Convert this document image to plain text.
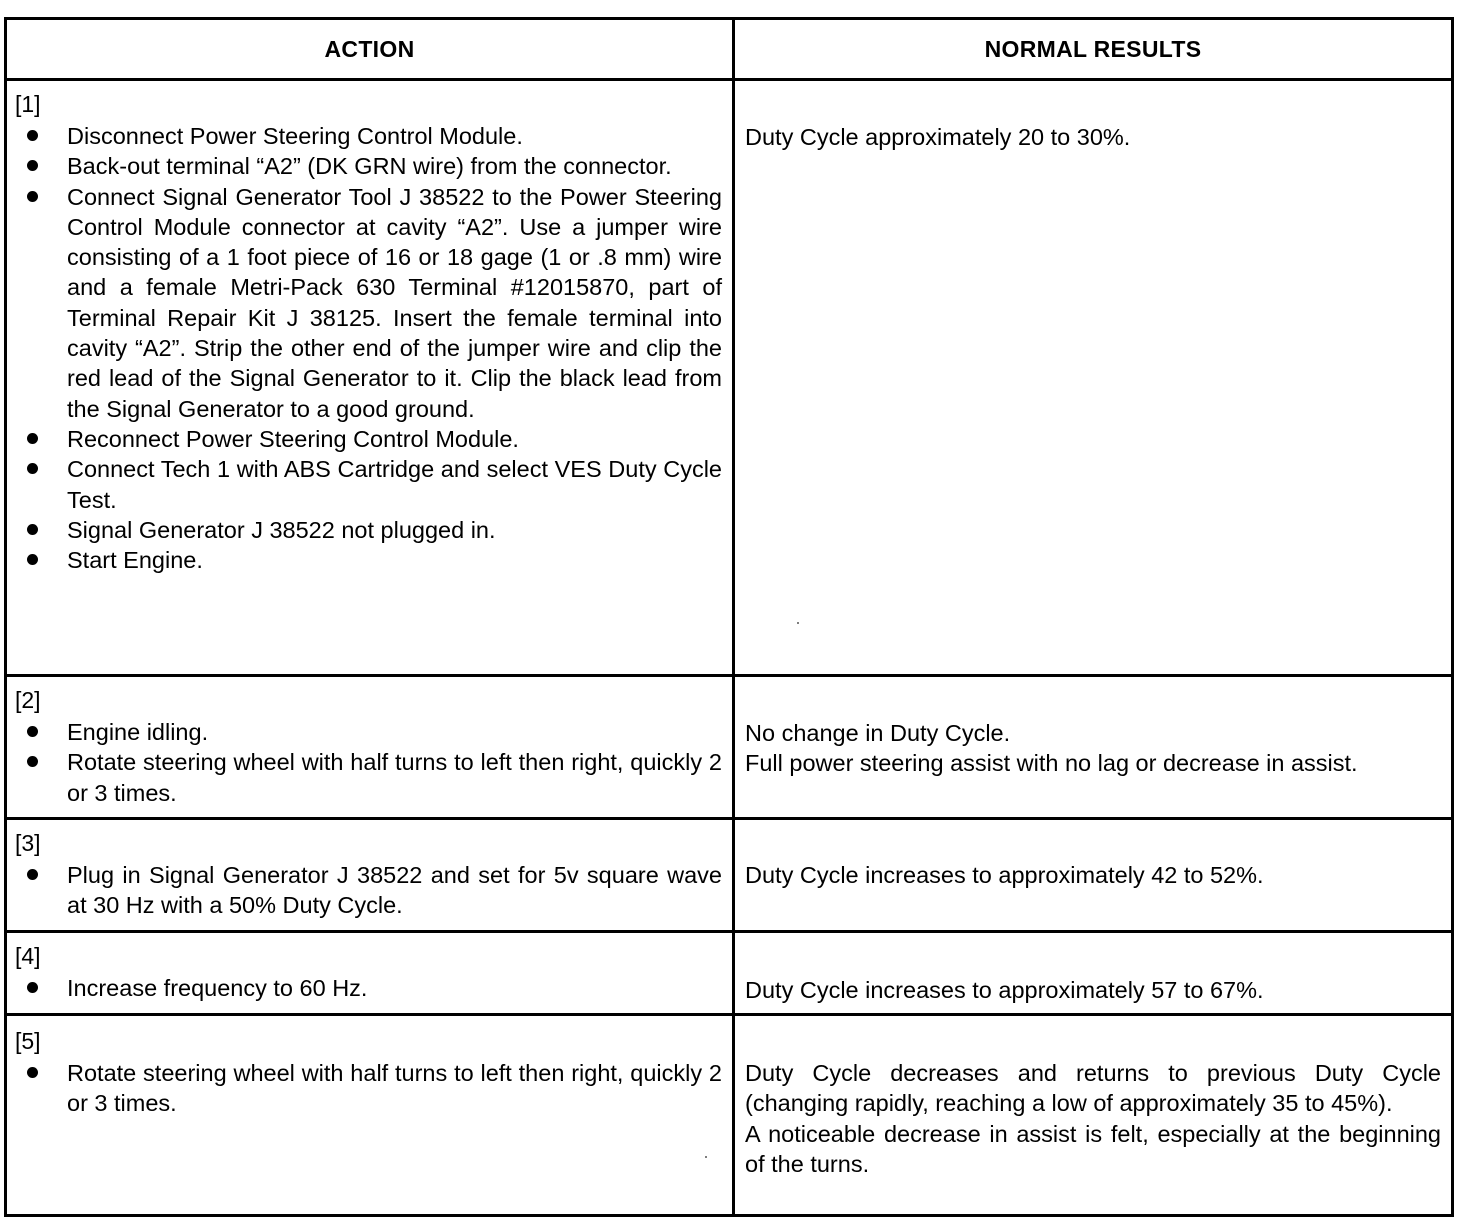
ACTION	NORMAL RESULTS
[1]
Disconnect Power Steering Control Module.
Back-out terminal “A2” (DK GRN wire) from the connector.
Connect Signal Generator Tool J 38522 to the Power Steering Control Module connector at cavity “A2”. Use a jumper wire consisting of a 1 foot piece of 16 or 18 gage (1 or .8 mm) wire and a female Metri-Pack 630 Terminal #12015870, part of Terminal Repair Kit J 38125. Insert the female terminal into cavity “A2”. Strip the other end of the jumper wire and clip the red lead of the Signal Generator to it. Clip the black lead from the Signal Generator to a good ground.
Reconnect Power Steering Control Module.
Connect Tech 1 with ABS Cartridge and select VES Duty Cycle Test.
Signal Generator J 38522 not plugged in.
Start Engine.

Duty Cycle approximately 20 to 30%.

[2]
Engine idling.
Rotate steering wheel with half turns to left then right, quickly 2 or 3 times.

No change in Duty Cycle.

Full power steering assist with no lag or decrease in assist.

[3]
Plug in Signal Generator J 38522 and set for 5v square wave at 30 Hz with a 50% Duty Cycle.

Duty Cycle increases to approximately 42 to 52%.

[4]
Increase frequency to 60 Hz.	Duty Cycle increases to approximately 57 to 67%.

[5]
Rotate steering wheel with half turns to left then right, quickly 2 or 3 times.

Duty Cycle decreases and returns to previous Duty Cycle (changing rapidly, reaching a low of approximately 35 to 45%).

A noticeable decrease in assist is felt, especially at the beginning of the turns.
